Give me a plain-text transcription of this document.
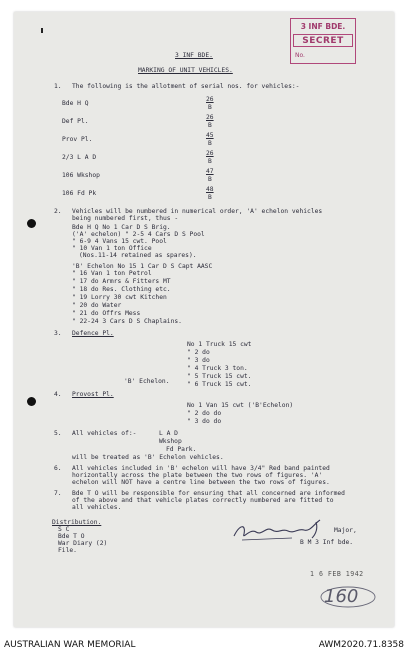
3 INF BDE.
SECRET
No.
3 INF BDE.
MARKING OF UNIT VEHICLES.
1. The following is the allotment of serial nos. for vehicles:-
Bde H Q
26
B
Def Pl.
26
B
Prov Pl.
45
B
2/3 L A D
26
B
106 Wkshop
47
B
106 Fd Pk
48
B
2. Vehicles will be numbered in numerical order, 'A' echelon vehicles
being numbered first, thus -
Bde H Q No 1 Car D S Brig.
('A' echelon) " 2-5 4 Cars D S Pool
" 6-9 4 Vans 15 cwt. Pool
" 10 Van 1 ton Office
(Nos.11-14 retained as spares).
'B' Echelon No 15 1 Car D S Capt AASC
" 16 Van 1 ton Petrol
" 17 do Armrs & Fitters MT
" 18 do Res. Clothing etc.
" 19 Lorry 30 cwt Kitchen
" 20 do Water
" 21 do Offrs Mess
" 22-24 3 Cars D S Chaplains.
3. Defence Pl.
No 1 Truck 15 cwt
" 2 do
" 3 do
" 4 Truck 3 ton.
" 5 Truck 15 cwt.
" 6 Truck 15 cwt.
'B' Echelon.
4. Provost Pl.
No 1 Van 15 cwt ('B'Echelon)
" 2 do do
" 3 do do
5. All vehicles of:-	L A D
Wkshop
Fd Park.
will be treated as 'B' Echelon vehicles.
6. All vehicles included in 'B' echelon will have 3/4" Red band painted
horizontally across the plate between the two rows of figures. 'A'
echelon will NOT have a centre line between the two rows of figures.
7. Bde T O will be responsible for ensuring that all concerned are informed
of the above and that vehicle plates correctly numbered are fitted to
all vehicles.
Distribution.
S C
Bde T O
War Diary (2)
File.
Major,
B M 3 Inf bde.
1 6 FEB 1942
160
AUSTRALIAN WAR MEMORIAL	AWM2020.71.8358
